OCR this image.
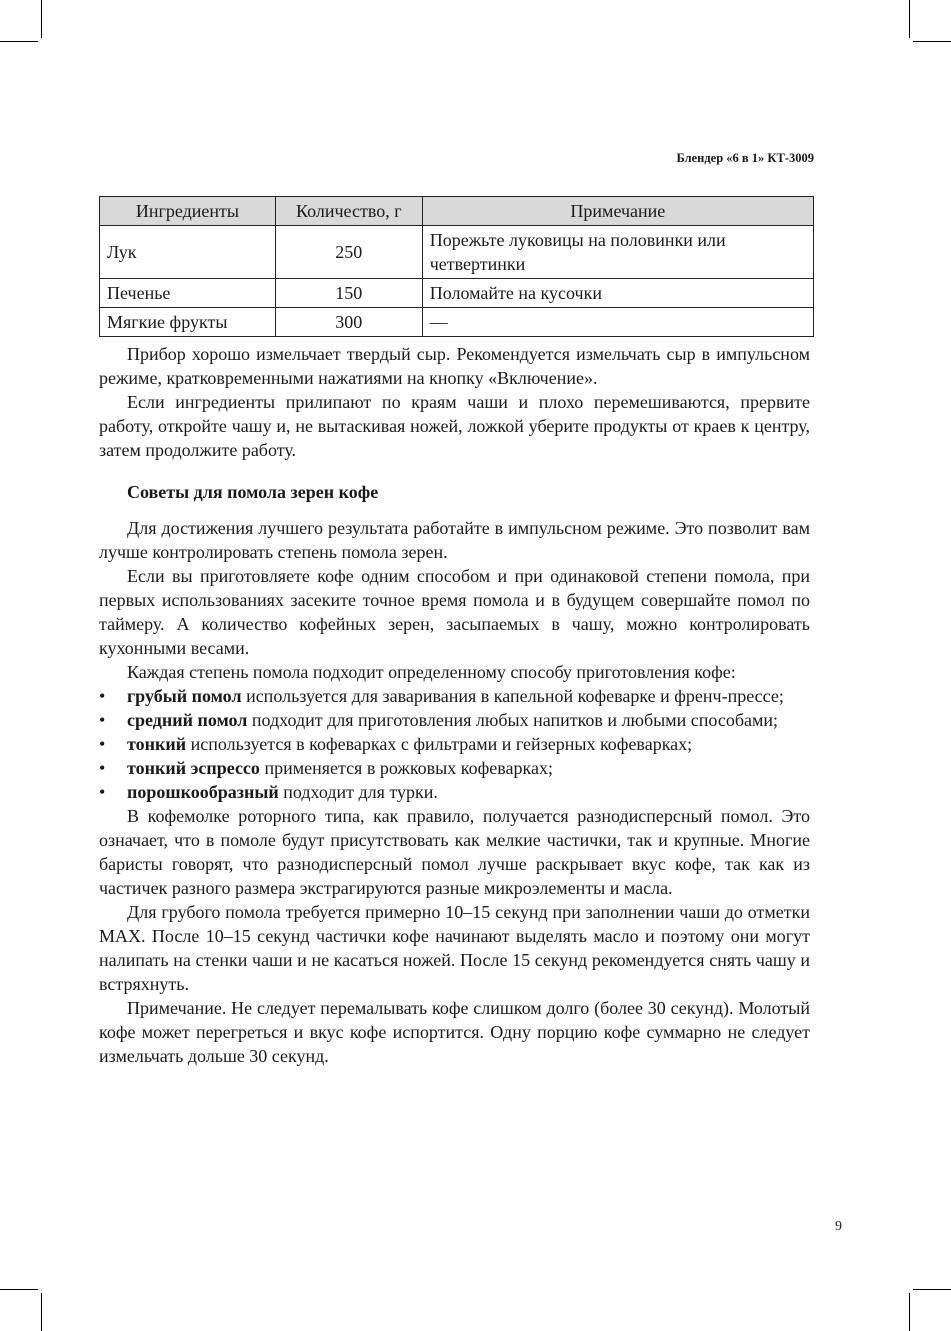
Блендер «6 в 1» КТ-3009
Ингредиенты	Количество, г	Примечание
Лук	250	Порежьте луковицы на половинки или четвертинки
Печенье	150	Поломайте на кусочки
Мягкие фрукты	300	—

Прибор хорошо измельчает твердый сыр. Рекомендуется измельчать сыр в импульсном режиме, кратковременными нажатиями на кнопку «Включение».

Если ингредиенты прилипают по краям чаши и плохо перемешиваются, прервите работу, откройте чашу и, не вытаскивая ножей, ложкой уберите продукты от краев к центру, затем продолжите работу.

Советы для помола зерен кофе

Для достижения лучшего результата работайте в импульсном режиме. Это позволит вам лучше контролировать степень помола зерен.

Если вы приготовляете кофе одним способом и при одинаковой степени помола, при первых использованиях засеките точное время помола и в будущем совершайте помол по таймеру. А количество кофейных зерен, засыпаемых в чашу, можно контролировать кухонными весами.

Каждая степень помола подходит определенному способу приготовления кофе:

• грубый помол используется для заваривания в капельной кофеварке и френч-прессе;
• средний помол подходит для приготовления любых напитков и любыми способами;
• тонкий используется в кофеварках с фильтрами и гейзерных кофеварках;
• тонкий эспрессо применяется в рожковых кофеварках;
• порошкообразный подходит для турки.

В кофемолке роторного типа, как правило, получается разнодисперсный помол. Это означает, что в помоле будут присутствовать как мелкие частички, так и крупные. Многие баристы говорят, что разнодисперсный помол лучше раскрывает вкус кофе, так как из частичек разного размера экстрагируются разные микроэлементы и масла.

Для грубого помола требуется примерно 10–15 секунд при заполнении чаши до отметки MAX. После 10–15 секунд частички кофе начинают выделять масло и поэтому они могут налипать на стенки чаши и не касаться ножей. После 15 секунд рекомендуется снять чашу и встряхнуть.

Примечание. Не следует перемалывать кофе слишком долго (более 30 секунд). Молотый кофе может перегреться и вкус кофе испортится. Одну порцию кофе суммарно не следует измельчать дольше 30 секунд.

9
